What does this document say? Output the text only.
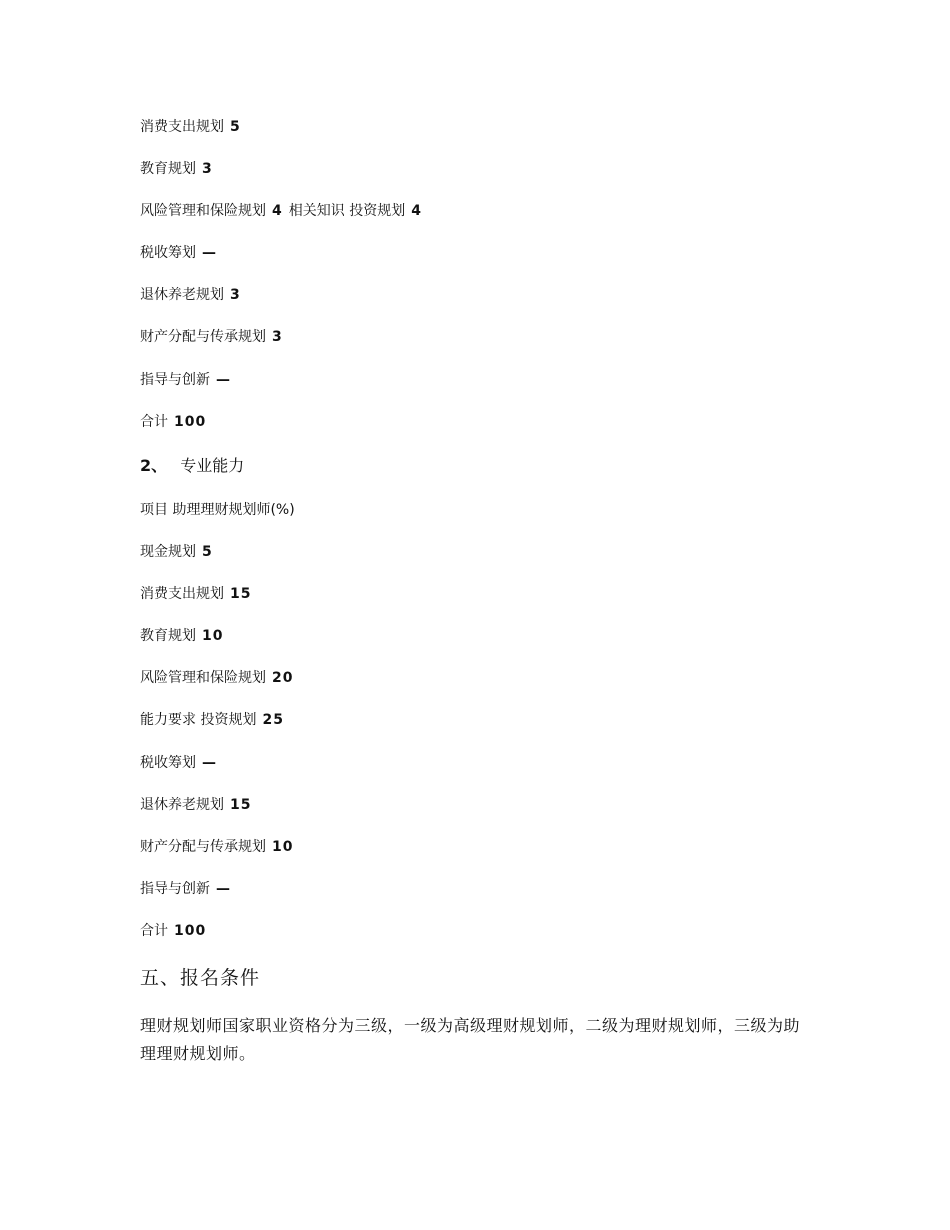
消费支出规划 5
教育规划 3
风险管理和保险规划 4 相关知识 投资规划 4
税收筹划 —
退休养老规划 3
财产分配与传承规划 3
指导与创新 —
合计 100
2、 专业能力
项目 助理理财规划师(%)
现金规划 5
消费支出规划 15
教育规划 10
风险管理和保险规划 20
能力要求 投资规划 25
税收筹划 —
退休养老规划 15
财产分配与传承规划 10
指导与创新 —
合计 100
五、报名条件
理财规划师国家职业资格分为三级，一级为高级理财规划师，二级为理财规划师，三级为助理理财规划师。
